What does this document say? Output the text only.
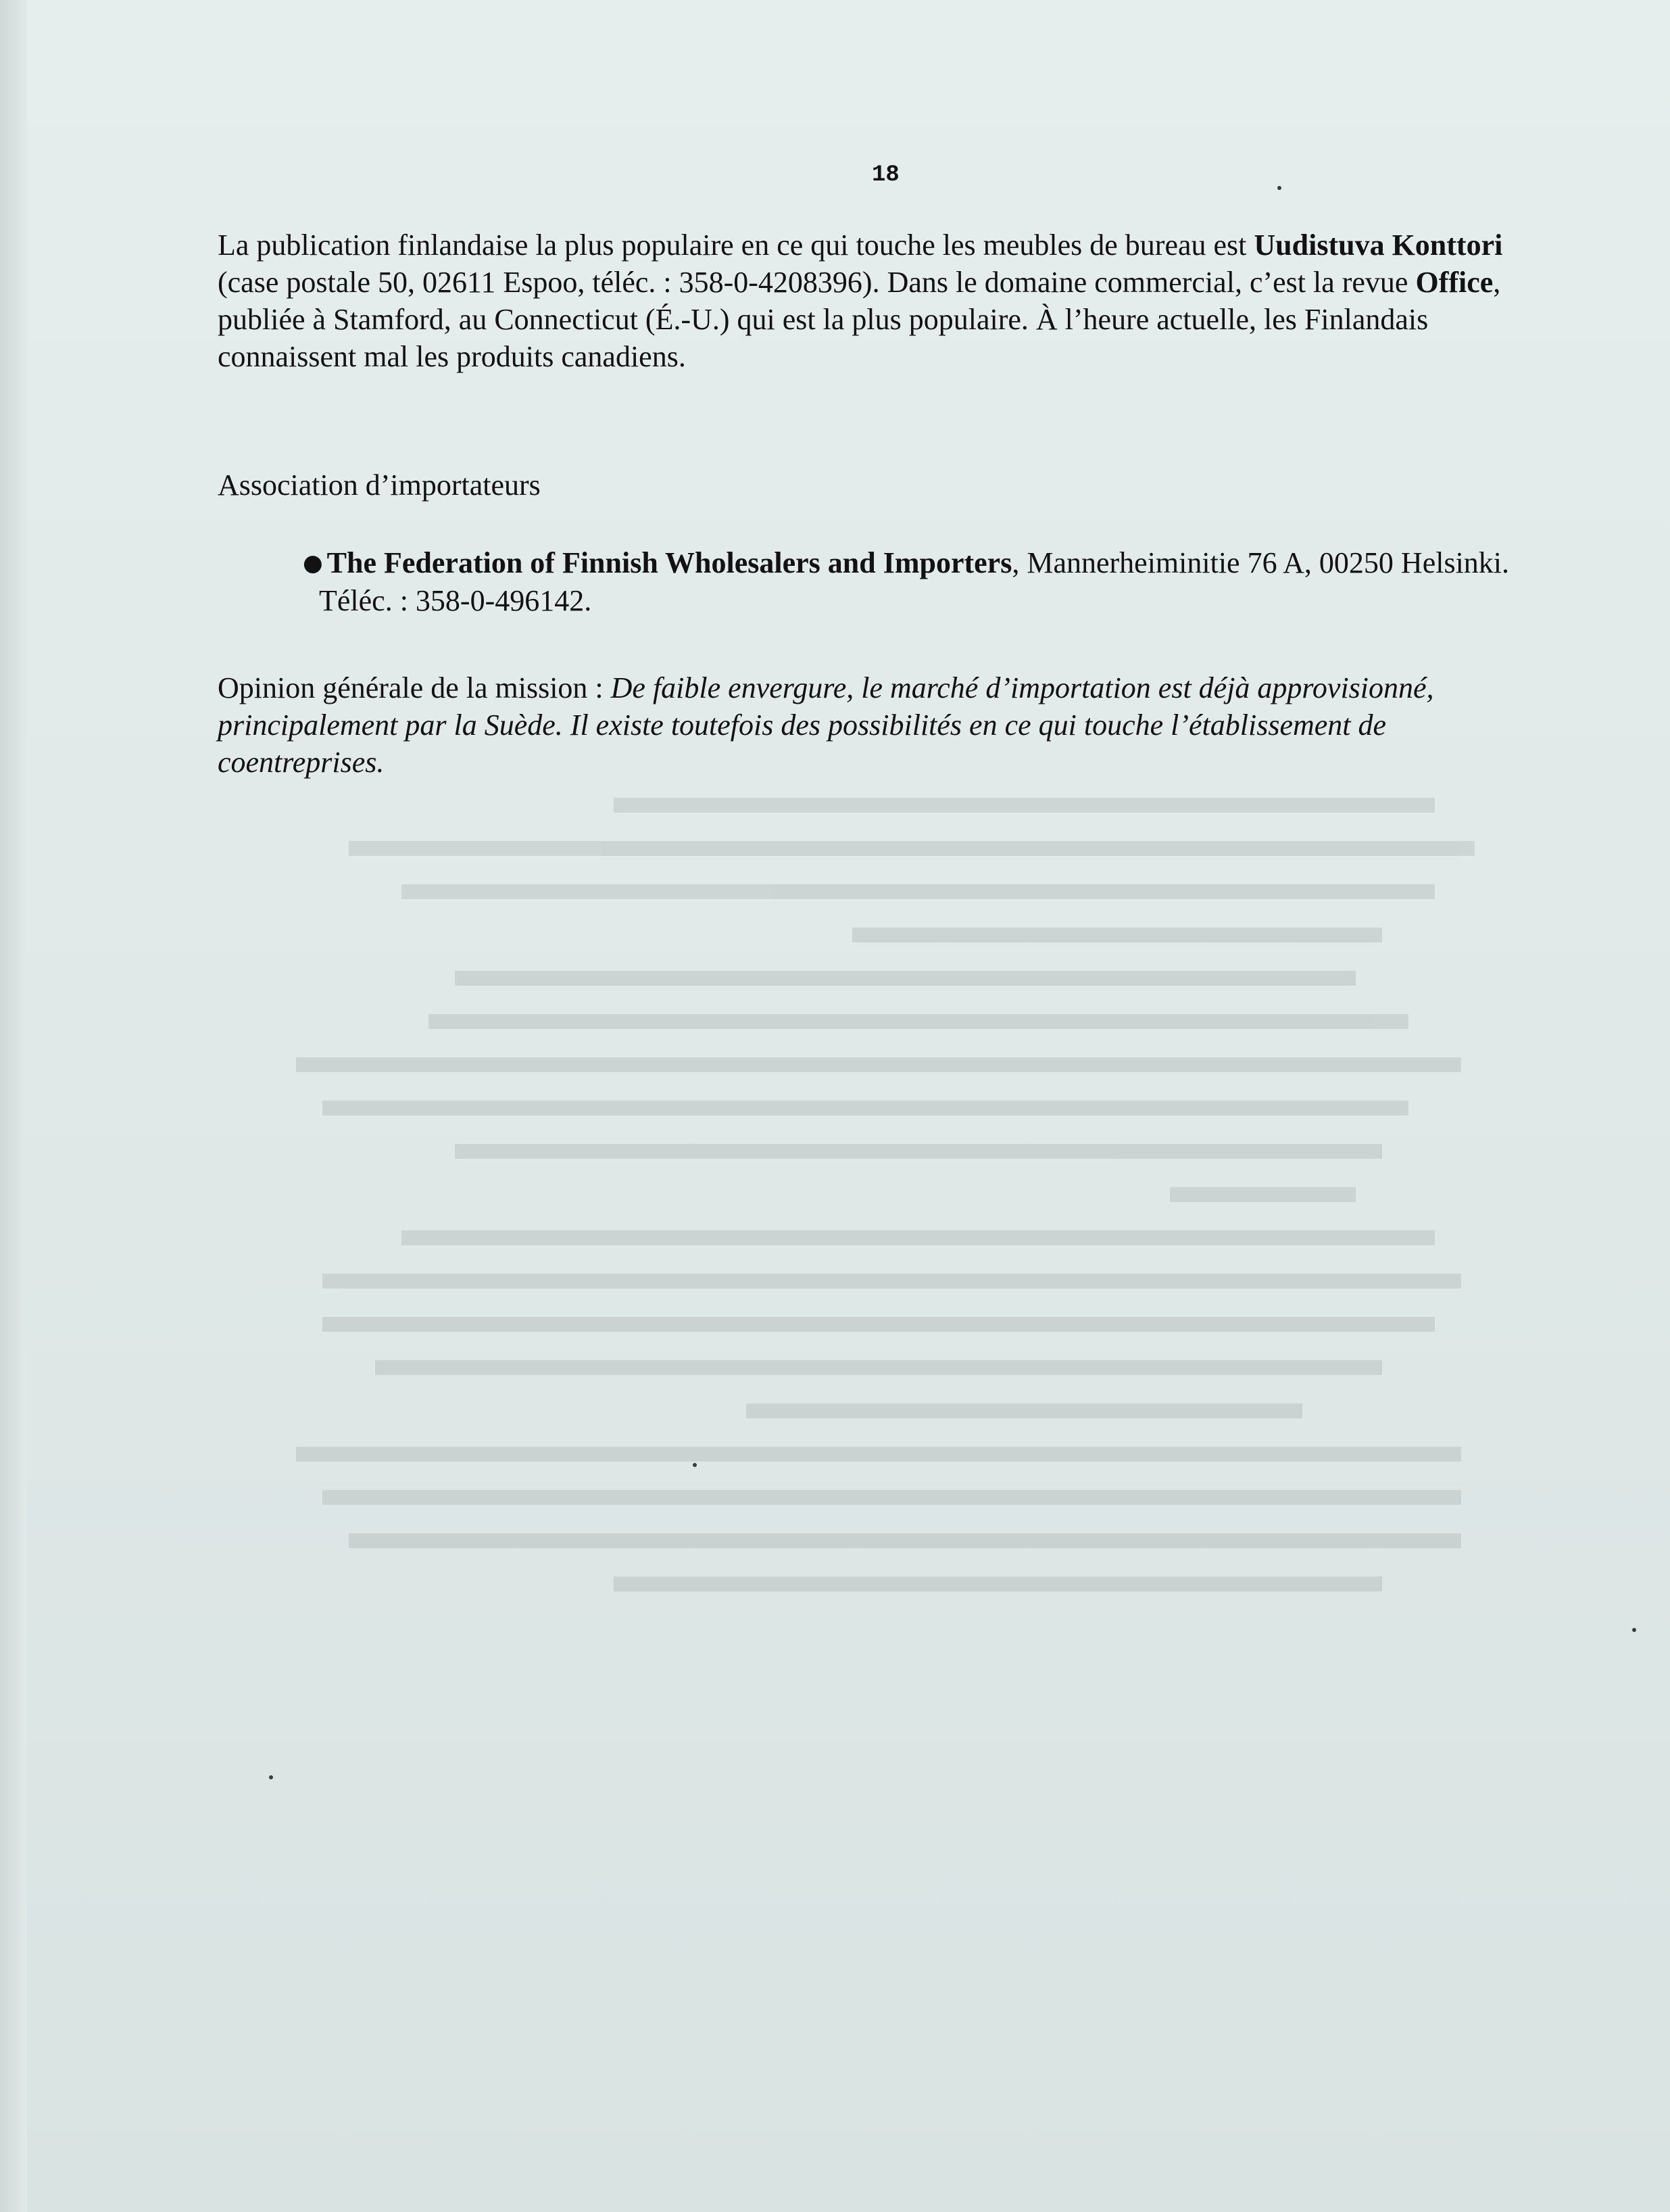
18

La publication finlandaise la plus populaire en ce qui touche les meubles de bureau est Uudistuva Konttori (case postale 50, 02611 Espoo, téléc. : 358-0-4208396). Dans le domaine commercial, c’est la revue Office, publiée à Stamford, au Connecticut (É.-U.) qui est la plus populaire. À l’heure actuelle, les Finlandais connaissent mal les produits canadiens.

Association d’importateurs

● The Federation of Finnish Wholesalers and Importers, Mannerheiminitie 76 A, 00250 Helsinki. Téléc. : 358-0-496142.

Opinion générale de la mission : De faible envergure, le marché d’importation est déjà approvisionné, principalement par la Suède. Il existe toutefois des possibilités en ce qui touche l’établissement de coentreprises.
